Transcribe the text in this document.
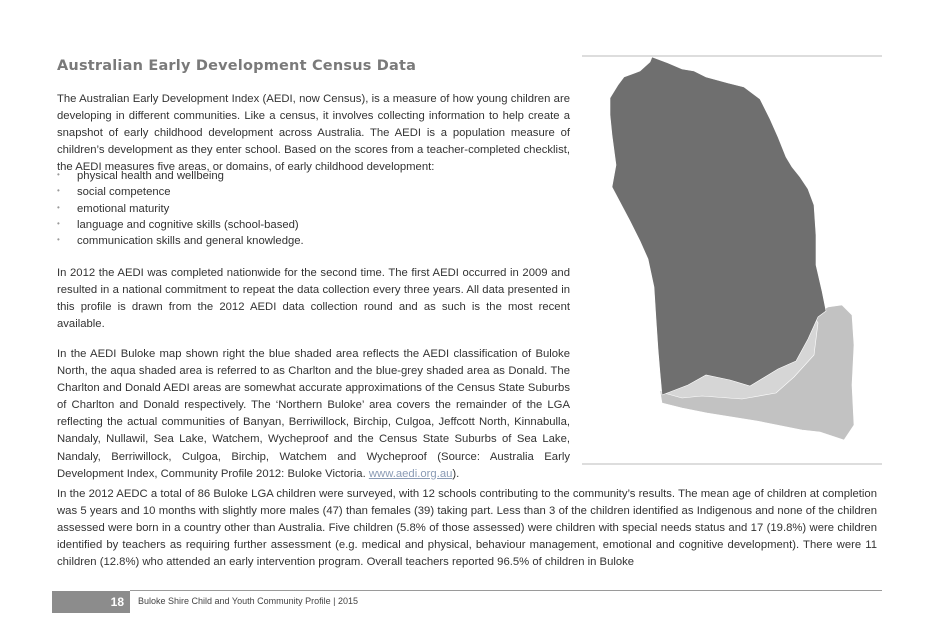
Australian Early Development Census Data

The Australian Early Development Index (AEDI, now Census), is a measure of how young children are developing in different communities. Like a census, it involves collecting information to help create a snapshot of early childhood development across Australia. The AEDI is a population measure of children’s development as they enter school. Based on the scores from a teacher-completed checklist, the AEDI measures five areas, or domains, of early childhood development:

• physical health and wellbeing
• social competence
• emotional maturity
• language and cognitive skills (school-based)
• communication skills and general knowledge.

In 2012 the AEDI was completed nationwide for the second time. The first AEDI occurred in 2009 and resulted in a national commitment to repeat the data collection every three years. All data presented in this profile is drawn from the 2012 AEDI data collection round and as such is the most recent available.

In the AEDI Buloke map shown right the blue shaded area reflects the AEDI classification of Buloke North, the aqua shaded area is referred to as Charlton and the blue-grey shaded area as Donald. The Charlton and Donald AEDI areas are somewhat accurate approximations of the Census State Suburbs of Charlton and Donald respectively. The ‘Northern Buloke’ area covers the remainder of the LGA reflecting the actual communities of Banyan, Berriwillock, Birchip, Culgoa, Jeffcott North, Kinnabulla, Nandaly, Nullawil, Sea Lake, Watchem, Wycheproof and the Census State Suburbs of Sea Lake, Nandaly, Berriwillock, Culgoa, Birchip, Watchem and Wycheproof (Source: Australia Early Development Index, Community Profile 2012: Buloke Victoria. www.aedi.org.au).

In the 2012 AEDC a total of 86 Buloke LGA children were surveyed, with 12 schools contributing to the community’s results. The mean age of children at completion was 5 years and 10 months with slightly more males (47) than females (39) taking part. Less than 3 of the children identified as Indigenous and none of the children assessed were born in a country other than Australia. Five children (5.8% of those assessed) were children with special needs status and 17 (19.8%) were children identified by teachers as requiring further assessment (e.g. medical and physical, behaviour management, emotional and cognitive development). There were 11 children (12.8%) who attended an early intervention program. Overall teachers reported 96.5% of children in Buloke

18	Buloke Shire Child and Youth Community Profile | 2015
